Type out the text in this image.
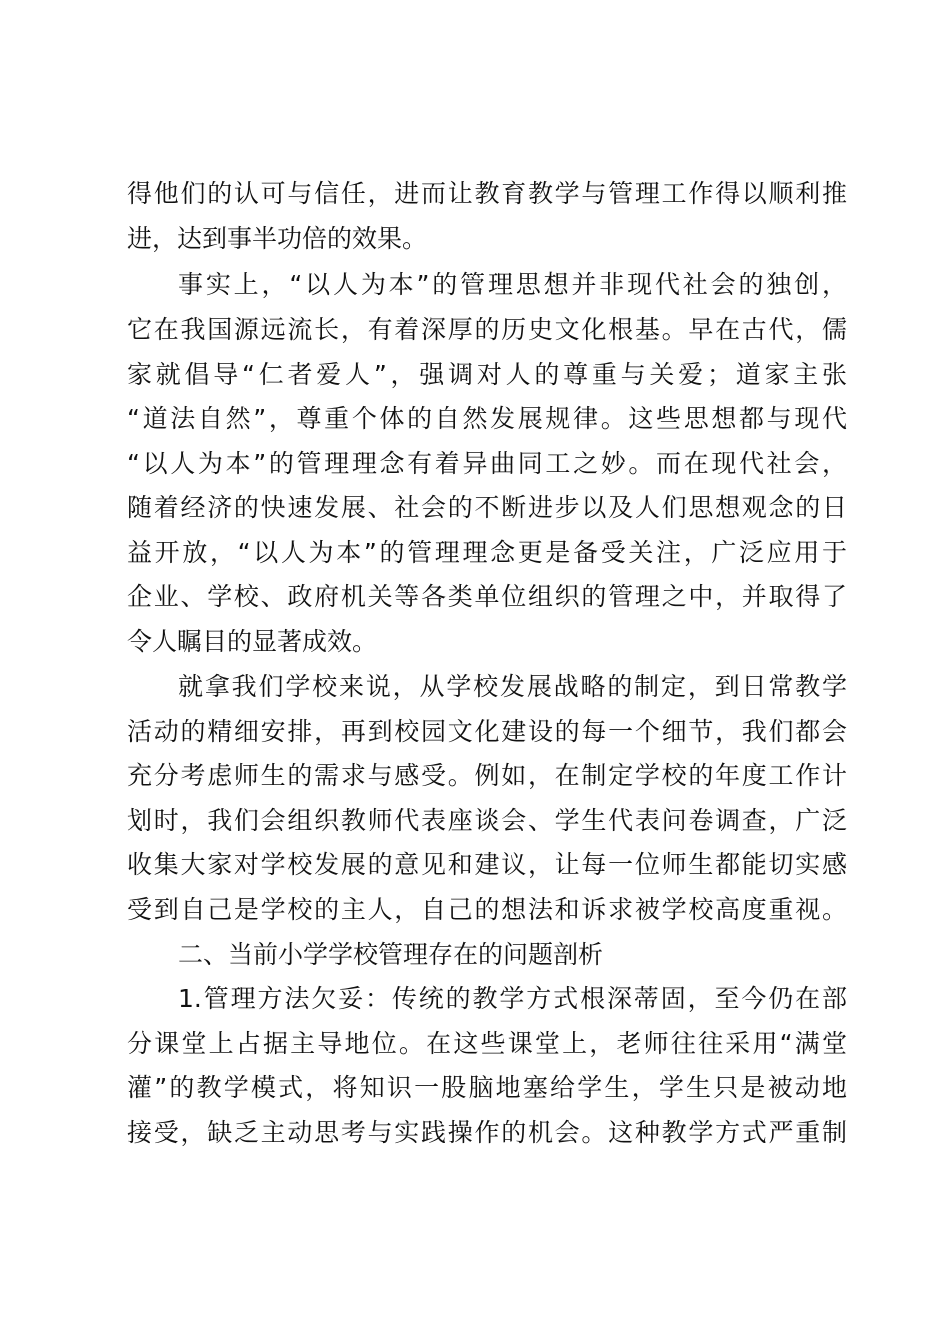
得他们的认可与信任，进而让教育教学与管理工作得以顺利推
进，达到事半功倍的效果。
事实上，“以人为本”的管理思想并非现代社会的独创，
它在我国源远流长，有着深厚的历史文化根基。早在古代，儒
家就倡导“仁者爱人”，强调对人的尊重与关爱；道家主张
“道法自然”，尊重个体的自然发展规律。这些思想都与现代
“以人为本”的管理理念有着异曲同工之妙。而在现代社会，
随着经济的快速发展、社会的不断进步以及人们思想观念的日
益开放，“以人为本”的管理理念更是备受关注，广泛应用于
企业、学校、政府机关等各类单位组织的管理之中，并取得了
令人瞩目的显著成效。
就拿我们学校来说，从学校发展战略的制定，到日常教学
活动的精细安排，再到校园文化建设的每一个细节，我们都会
充分考虑师生的需求与感受。例如，在制定学校的年度工作计
划时，我们会组织教师代表座谈会、学生代表问卷调查，广泛
收集大家对学校发展的意见和建议，让每一位师生都能切实感
受到自己是学校的主人，自己的想法和诉求被学校高度重视。
二、当前小学学校管理存在的问题剖析
1.管理方法欠妥：传统的教学方式根深蒂固，至今仍在部
分课堂上占据主导地位。在这些课堂上，老师往往采用“满堂
灌”的教学模式，将知识一股脑地塞给学生，学生只是被动地
接受，缺乏主动思考与实践操作的机会。这种教学方式严重制
